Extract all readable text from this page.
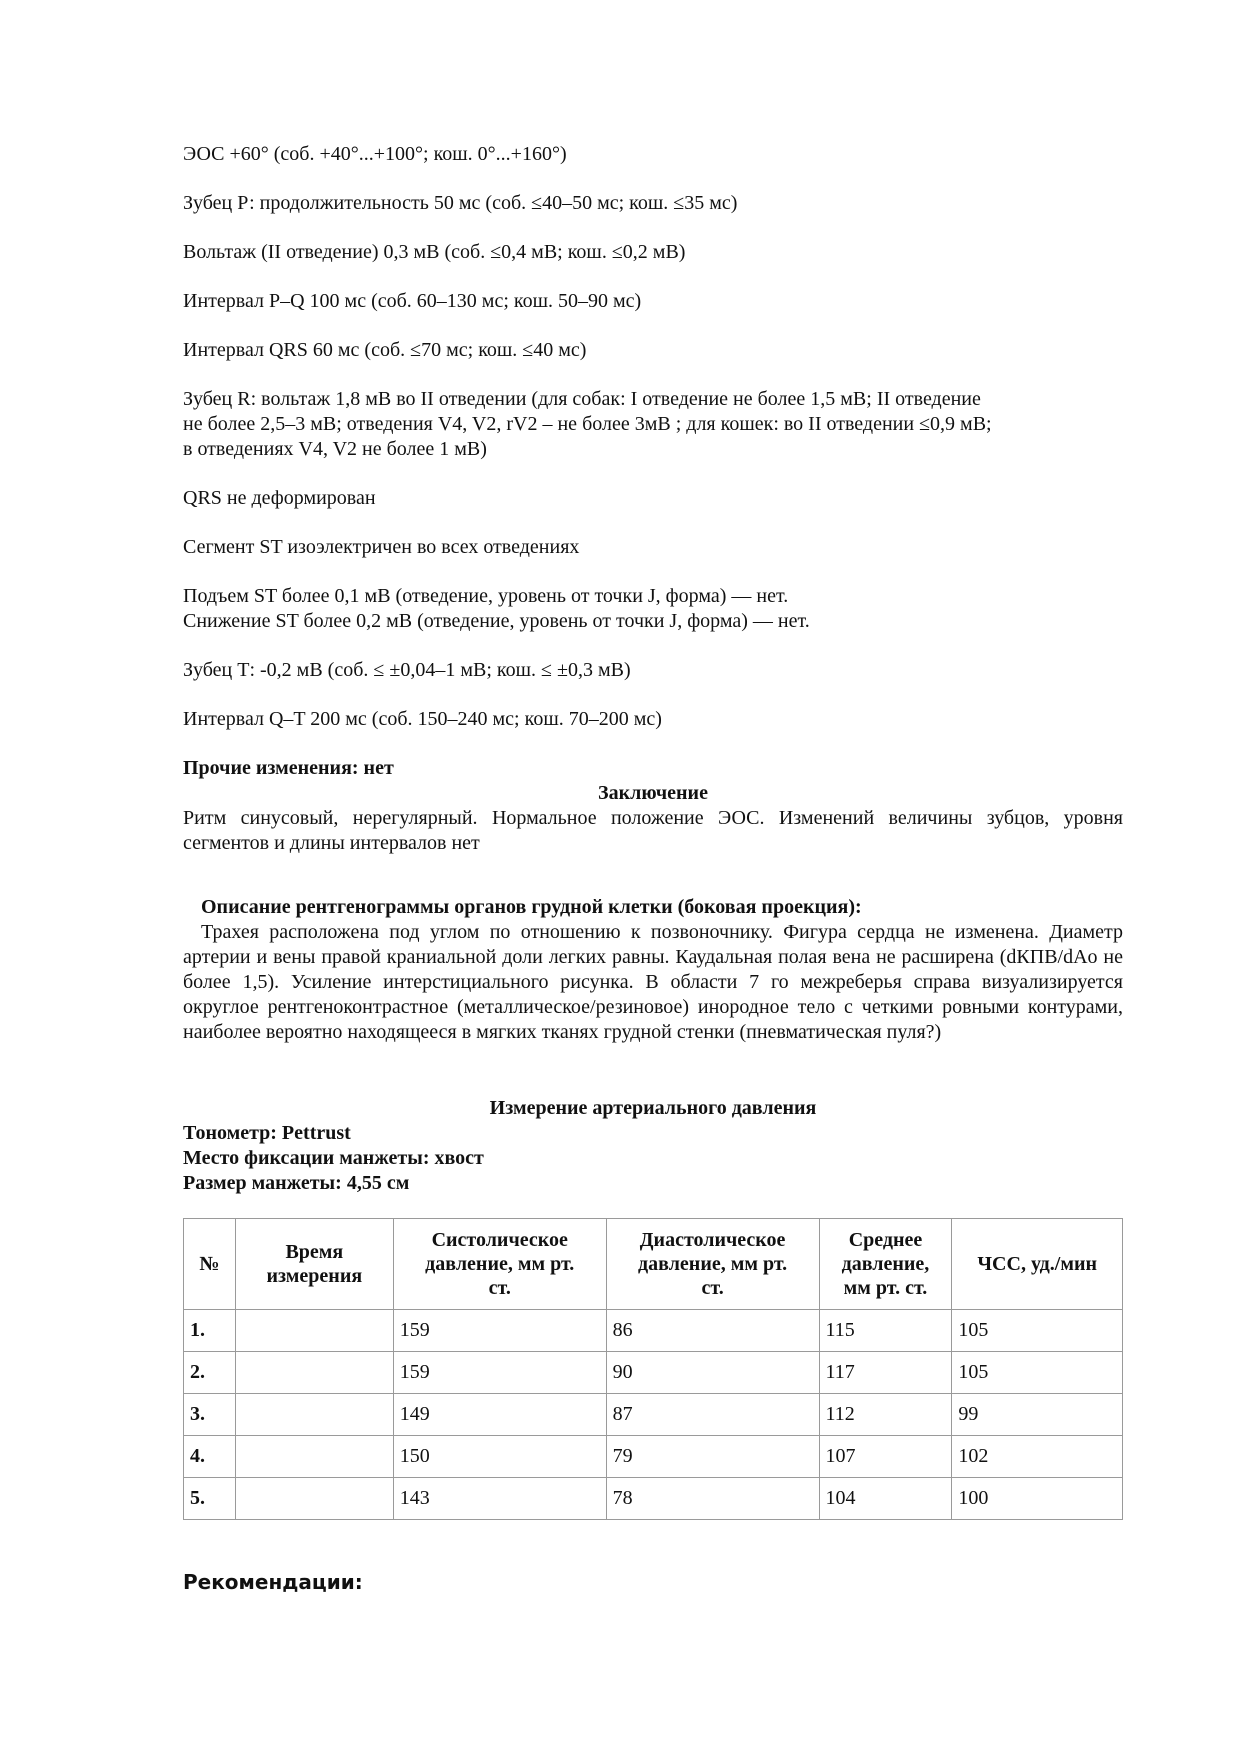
ЭОС +60° (соб. +40°...+100°; кош. 0°...+160°)
Зубец Р: продолжительность 50 мс (соб. ≤40–50 мс; кош. ≤35 мс)
Вольтаж (II отведение) 0,3 мВ (соб. ≤0,4 мВ; кош. ≤0,2 мВ)
Интервал P–Q 100 мс (соб. 60–130 мс; кош. 50–90 мс)
Интервал QRS 60 мс (соб. ≤70 мс; кош. ≤40 мс)
Зубец R: вольтаж 1,8 мВ во II отведении (для собак: I отведение не более 1,5 мВ; II отведение
не более 2,5–3 мВ; отведения V4, V2, rV2 – не более 3мВ ; для кошек: во II отведении ≤0,9 мВ;
в отведениях V4, V2 не более 1 мВ)
QRS не деформирован
Сегмент ST изоэлектричен во всех отведениях
Подъем ST более 0,1 мВ (отведение, уровень от точки J, форма) — нет.
Снижение ST более 0,2 мВ (отведение, уровень от точки J, форма) — нет.
Зубец Т: -0,2 мВ (соб. ≤ ±0,04–1 мВ; кош. ≤ ±0,3 мВ)
Интервал Q–T 200 мс (соб. 150–240 мс; кош. 70–200 мс)
Прочие изменения: нет
Заключение
Ритм синусовый, нерегулярный. Нормальное положение ЭОС. Изменений величины зубцов, уровня сегментов и длины интервалов нет
Описание рентгенограммы органов грудной клетки (боковая проекция):
Трахея расположена под углом по отношению к позвоночнику. Фигура сердца не изменена. Диаметр артерии и вены правой краниальной доли легких равны. Каудальная полая вена не расширена (dКПВ/dAo не более 1,5). Усиление интерстициального рисунка. В области 7 го межреберья справа визуализируется округлое рентгеноконтрастное (металлическое/резиновое) инородное тело с четкими ровными контурами, наиболее вероятно находящееся в мягких тканях грудной стенки (пневматическая пуля?)
Измерение артериального давления
Тонометр: Pettrust
Место фиксации манжеты: хвост
Размер манжеты: 4,55 см
№	Время измерения	Систолическое давление, мм рт. ст.	Диастолическое давление, мм рт. ст.	Среднее давление, мм рт. ст.	ЧСС, уд./мин
1.		159	86	115	105
2.		159	90	117	105
3.		149	87	112	99
4.		150	79	107	102
5.		143	78	104	100
Рекомендации:
